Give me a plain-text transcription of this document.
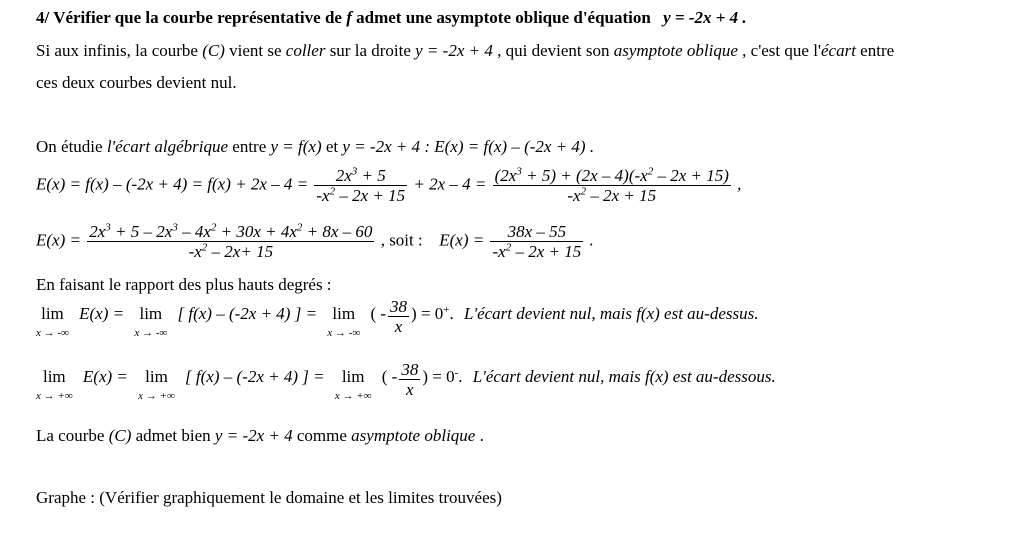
4/ Vérifier que la courbe représentative de f admet une asymptote oblique d'équation y = -2x + 4 .
Si aux infinis, la courbe (C) vient se coller sur la droite y = -2x + 4 , qui devient son asymptote oblique , c'est que l'écart entre
ces deux courbes devient nul.
On étudie l'écart algébrique entre y = f(x) et y = -2x + 4 : E(x) = f(x) – (-2x + 4) .
$E(x) = f(x) - (-2x + 4) = f(x) + 2x - 4 = \frac{2x^3 + 5}{-x^2 - 2x + 15} + 2x - 4 = \frac{(2x^3 + 5) + (2x - 4)(-x^2 - 2x + 15)}{-x^2 - 2x + 15}$ ,
$E(x) = \frac{2x^3 + 5 - 2x^3 - 4x^2 + 30x + 4x^2 + 8x - 60}{-x^2 - 2x+ 15}$ , soit : $E(x) = \frac{38x - 55}{-x^2 - 2x + 15}$ .
En faisant le rapport des plus hauts degrés :
lim
x → -∞
E(x) = lim
x → -∞
[ f(x) – (-2x + 4) ] = lim
x → -∞
( - $\frac{38}{x}$ ) = 0+. L'écart devient nul, mais f(x) est au-dessus.
lim
x → +∞
E(x) =	lim
x → +∞
[ f(x) – (-2x + 4) ] =	lim
x → +∞
( - $\frac{38}{x}$ ) = 0-. L'écart devient nul, mais f(x) est au-dessous.
La courbe (C) admet bien y = -2x + 4 comme asymptote oblique .
Graphe : (Vérifier graphiquement le domaine et les limites trouvées)
